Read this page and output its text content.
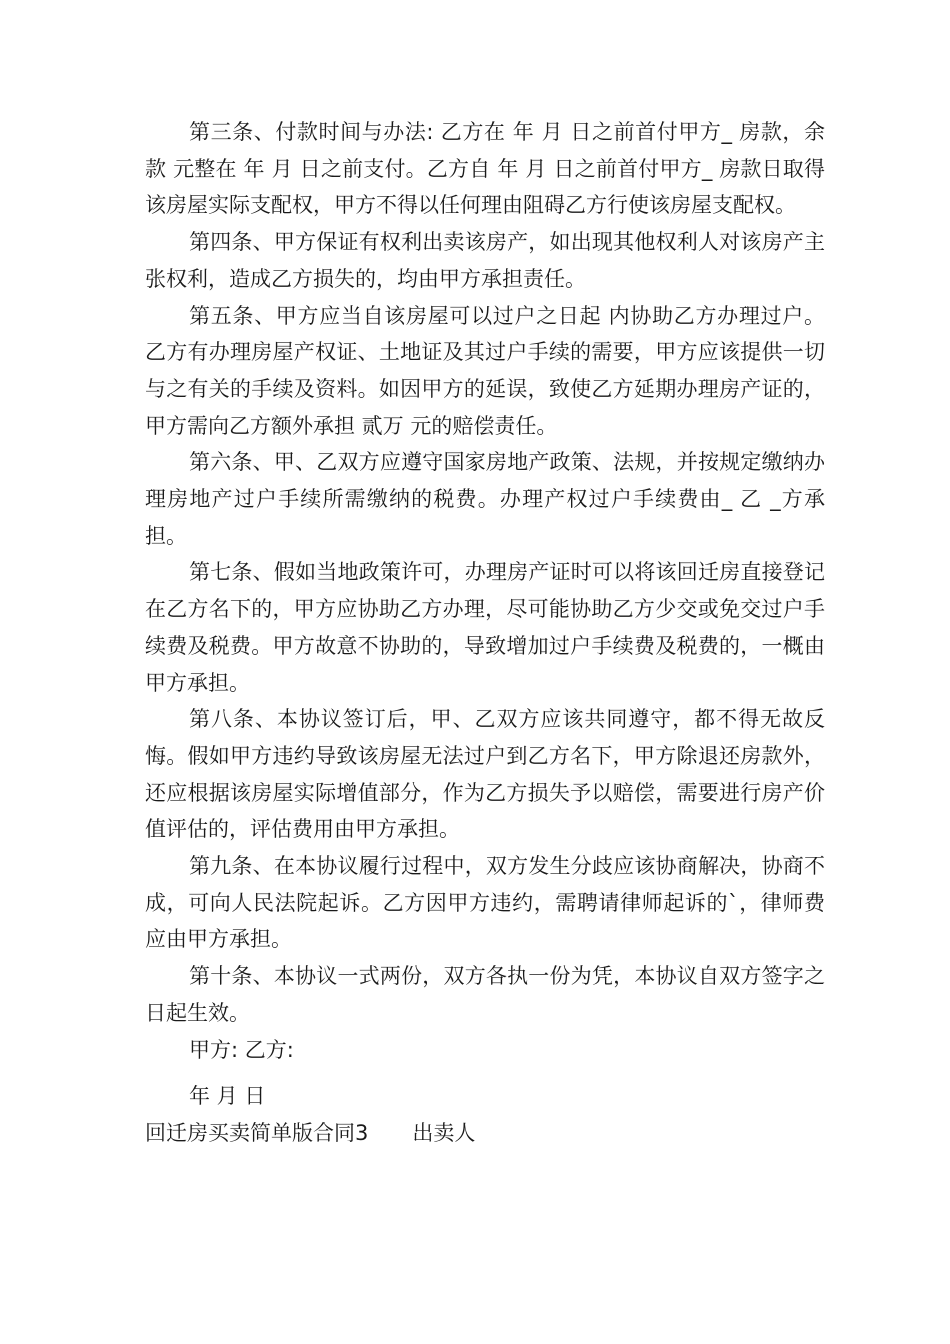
第三条、付款时间与办法: 乙方在 年 月 日之前首付甲方_ 房款，余款 元整在 年 月 日之前支付。乙方自 年 月 日之前首付甲方_ 房款日取得该房屋实际支配权，甲方不得以任何理由阻碍乙方行使该房屋支配权。

第四条、甲方保证有权利出卖该房产，如出现其他权利人对该房产主张权利，造成乙方损失的，均由甲方承担责任。

第五条、甲方应当自该房屋可以过户之日起 内协助乙方办理过户。乙方有办理房屋产权证、土地证及其过户手续的需要，甲方应该提供一切与之有关的手续及资料。如因甲方的延误，致使乙方延期办理房产证的，甲方需向乙方额外承担 贰万 元的赔偿责任。

第六条、甲、乙双方应遵守国家房地产政策、法规，并按规定缴纳办理房地产过户手续所需缴纳的税费。办理产权过户手续费由_ 乙 _方承担。

第七条、假如当地政策许可，办理房产证时可以将该回迁房直接登记在乙方名下的，甲方应协助乙方办理，尽可能协助乙方少交或免交过户手续费及税费。甲方故意不协助的，导致增加过户手续费及税费的，一概由甲方承担。

第八条、本协议签订后，甲、乙双方应该共同遵守，都不得无故反悔。假如甲方违约导致该房屋无法过户到乙方名下，甲方除退还房款外，还应根据该房屋实际增值部分，作为乙方损失予以赔偿，需要进行房产价值评估的，评估费用由甲方承担。

第九条、在本协议履行过程中，双方发生分歧应该协商解决，协商不成，可向人民法院起诉。乙方因甲方违约，需聘请律师起诉的`，律师费应由甲方承担。

第十条、本协议一式两份，双方各执一份为凭，本协议自双方签字之日起生效。

甲方: 乙方:

年 月 日

回迁房买卖简单版合同3 出卖人
